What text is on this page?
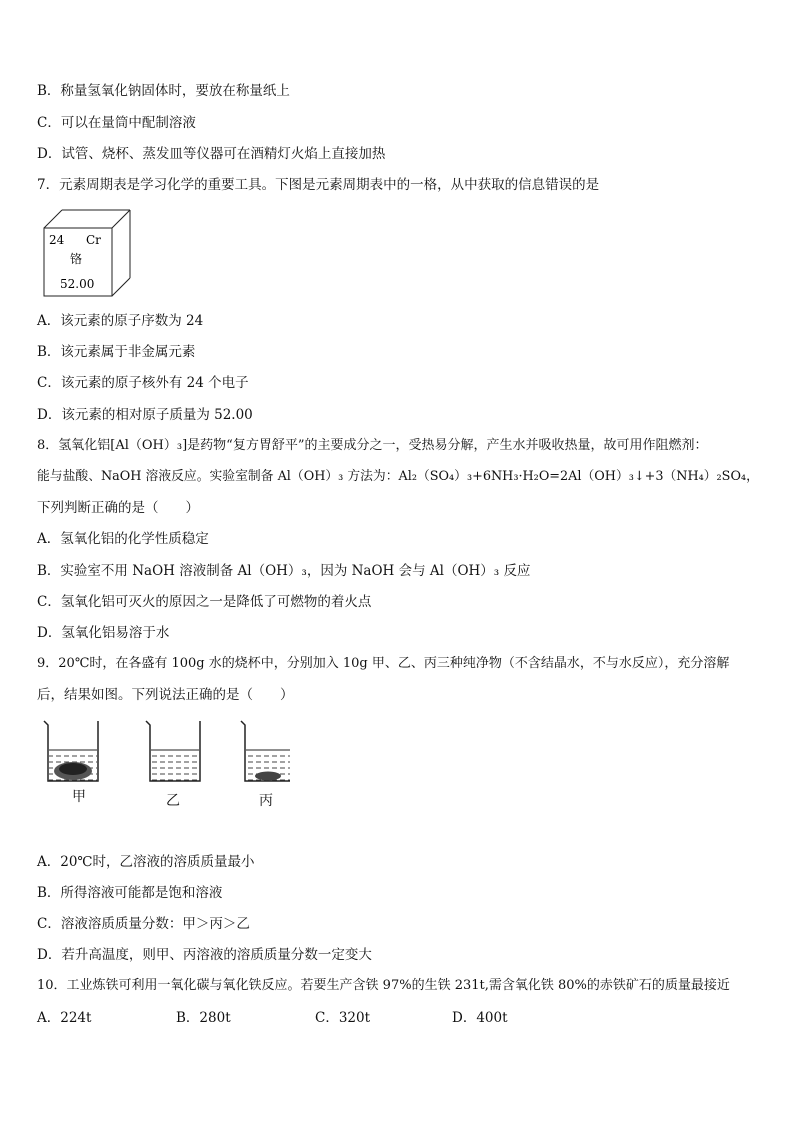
B．称量氢氧化钠固体时，要放在称量纸上
C．可以在量筒中配制溶液
D．试管、烧杯、蒸发皿等仪器可在酒精灯火焰上直接加热
7．元素周期表是学习化学的重要工具。下图是元素周期表中的一格，从中获取的信息错误的是
24 Cr
铬
52.00
A．该元素的原子序数为 24
B．该元素属于非金属元素
C．该元素的原子核外有 24 个电子
D．该元素的相对原子质量为 52.00
8．氢氧化铝[Al（OH）₃]是药物“复方胃舒平”的主要成分之一，受热易分解，产生水并吸收热量，故可用作阻燃剂：
能与盐酸、NaOH 溶液反应。实验室制备 Al（OH）₃ 方法为：Al₂（SO₄）₃+6NH₃·H₂O=2Al（OH）₃↓+3（NH₄）₂SO₄，
下列判断正确的是（　　）
A．氢氧化铝的化学性质稳定
B．实验室不用 NaOH 溶液制备 Al（OH）₃，因为 NaOH 会与 Al（OH）₃ 反应
C．氢氧化铝可灭火的原因之一是降低了可燃物的着火点
D．氢氧化铝易溶于水
9．20℃时，在各盛有 100g 水的烧杯中，分别加入 10g 甲、乙、丙三种纯净物（不含结晶水，不与水反应），充分溶解
后，结果如图。下列说法正确的是（　　）
甲	乙	丙
A．20℃时，乙溶液的溶质质量最小
B．所得溶液可能都是饱和溶液
C．溶液溶质质量分数：甲＞丙＞乙
D．若升高温度，则甲、丙溶液的溶质质量分数一定变大
10．工业炼铁可利用一氧化碳与氧化铁反应。若要生产含铁 97%的生铁 231t,需含氧化铁 80%的赤铁矿石的质量最接近
A．224t	B．280t	C．320t	D．400t
